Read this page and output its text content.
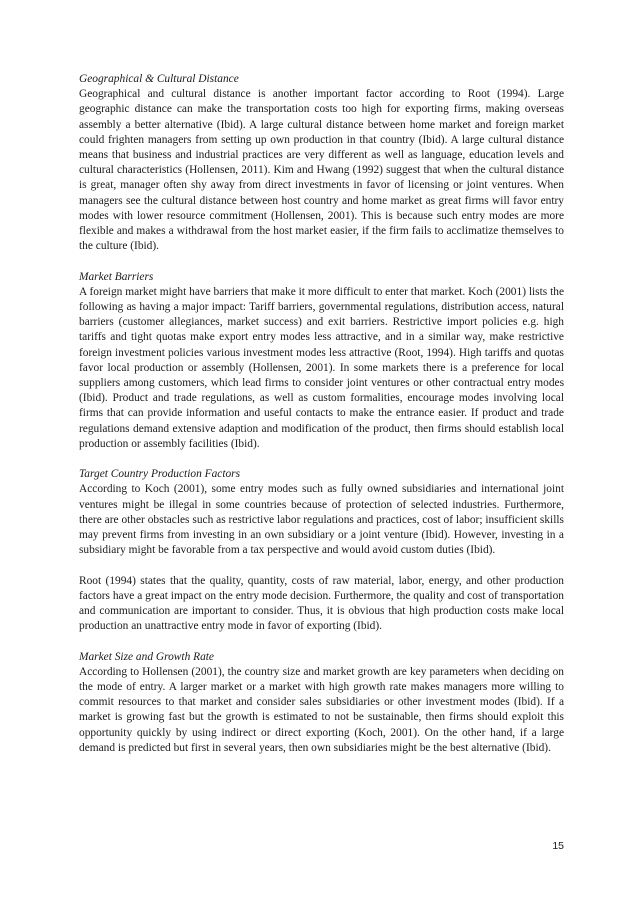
Geographical & Cultural Distance

Geographical and cultural distance is another important factor according to Root (1994). Large geographic distance can make the transportation costs too high for exporting firms, making overseas assembly a better alternative (Ibid). A large cultural distance between home market and foreign market could frighten managers from setting up own production in that country (Ibid). A large cultural distance means that business and industrial practices are very different as well as language, education levels and cultural characteristics (Hollensen, 2011). Kim and Hwang (1992) suggest that when the cultural distance is great, manager often shy away from direct investments in favor of licensing or joint ventures. When managers see the cultural distance between host country and home market as great firms will favor entry modes with lower resource commitment (Hollensen, 2001). This is because such entry modes are more flexible and makes a withdrawal from the host market easier, if the firm fails to acclimatize themselves to the culture (Ibid).

Market Barriers

A foreign market might have barriers that make it more difficult to enter that market. Koch (2001) lists the following as having a major impact: Tariff barriers, governmental regulations, distribution access, natural barriers (customer allegiances, market success) and exit barriers. Restrictive import policies e.g. high tariffs and tight quotas make export entry modes less attractive, and in a similar way, make restrictive foreign investment policies various investment modes less attractive (Root, 1994). High tariffs and quotas favor local production or assembly (Hollensen, 2001). In some markets there is a preference for local suppliers among customers, which lead firms to consider joint ventures or other contractual entry modes (Ibid). Product and trade regulations, as well as custom formalities, encourage modes involving local firms that can provide information and useful contacts to make the entrance easier. If product and trade regulations demand extensive adaption and modification of the product, then firms should establish local production or assembly facilities (Ibid).

Target Country Production Factors

According to Koch (2001), some entry modes such as fully owned subsidiaries and international joint ventures might be illegal in some countries because of protection of selected industries. Furthermore, there are other obstacles such as restrictive labor regulations and practices, cost of labor; insufficient skills may prevent firms from investing in an own subsidiary or a joint venture (Ibid). However, investing in a subsidiary might be favorable from a tax perspective and would avoid custom duties (Ibid).

Root (1994) states that the quality, quantity, costs of raw material, labor, energy, and other production factors have a great impact on the entry mode decision. Furthermore, the quality and cost of transportation and communication are important to consider. Thus, it is obvious that high production costs make local production an unattractive entry mode in favor of exporting (Ibid).

Market Size and Growth Rate

According to Hollensen (2001), the country size and market growth are key parameters when deciding on the mode of entry. A larger market or a market with high growth rate makes managers more willing to commit resources to that market and consider sales subsidiaries or other investment modes (Ibid). If a market is growing fast but the growth is estimated to not be sustainable, then firms should exploit this opportunity quickly by using indirect or direct exporting (Koch, 2001). On the other hand, if a large demand is predicted but first in several years, then own subsidiaries might be the best alternative (Ibid).

15
